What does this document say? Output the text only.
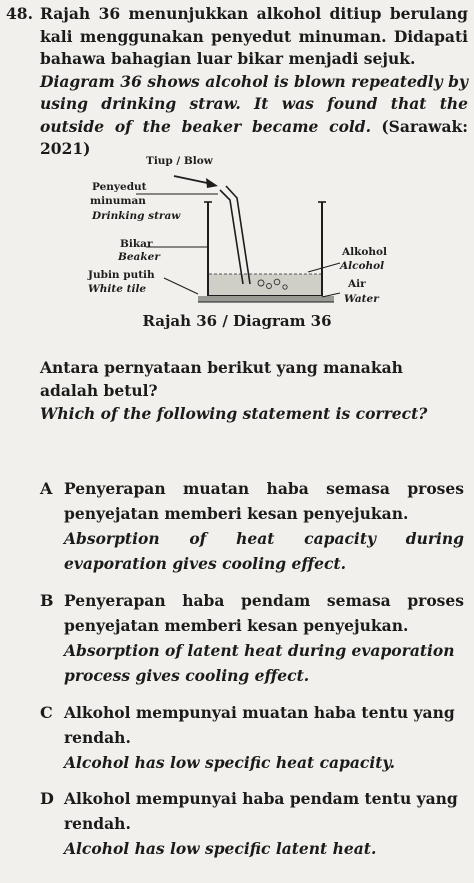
48. Rajah 36 menunjukkan alkohol ditiup berulang kali menggunakan penyedut minuman. Didapati bahawa bahagian luar bikar menjadi sejuk.
Diagram 36 shows alcohol is blown repeatedly by using drinking straw. It was found that the outside of the beaker became cold. (Sarawak: 2021)
Tiup / Blow
Penyedut
minuman
Drinking straw
Bikar
Beaker
Jubin putih
White tile
Alkohol
Alcohol
Air
Water
Rajah 36 / Diagram 36
Antara pernyataan berikut yang manakah adalah betul?
Which of the following statement is correct?
A Penyerapan muatan haba semasa proses penyejatan memberi kesan penyejukan.
Absorption of heat capacity during evaporation gives cooling effect.
B Penyerapan haba pendam semasa proses penyejatan memberi kesan penyejukan.
Absorption of latent heat during evaporation process gives cooling effect.
C Alkohol mempunyai muatan haba tentu yang rendah.
Alcohol has low specific heat capacity.
D Alkohol mempunyai haba pendam tentu yang rendah.
Alcohol has low specific latent heat.
